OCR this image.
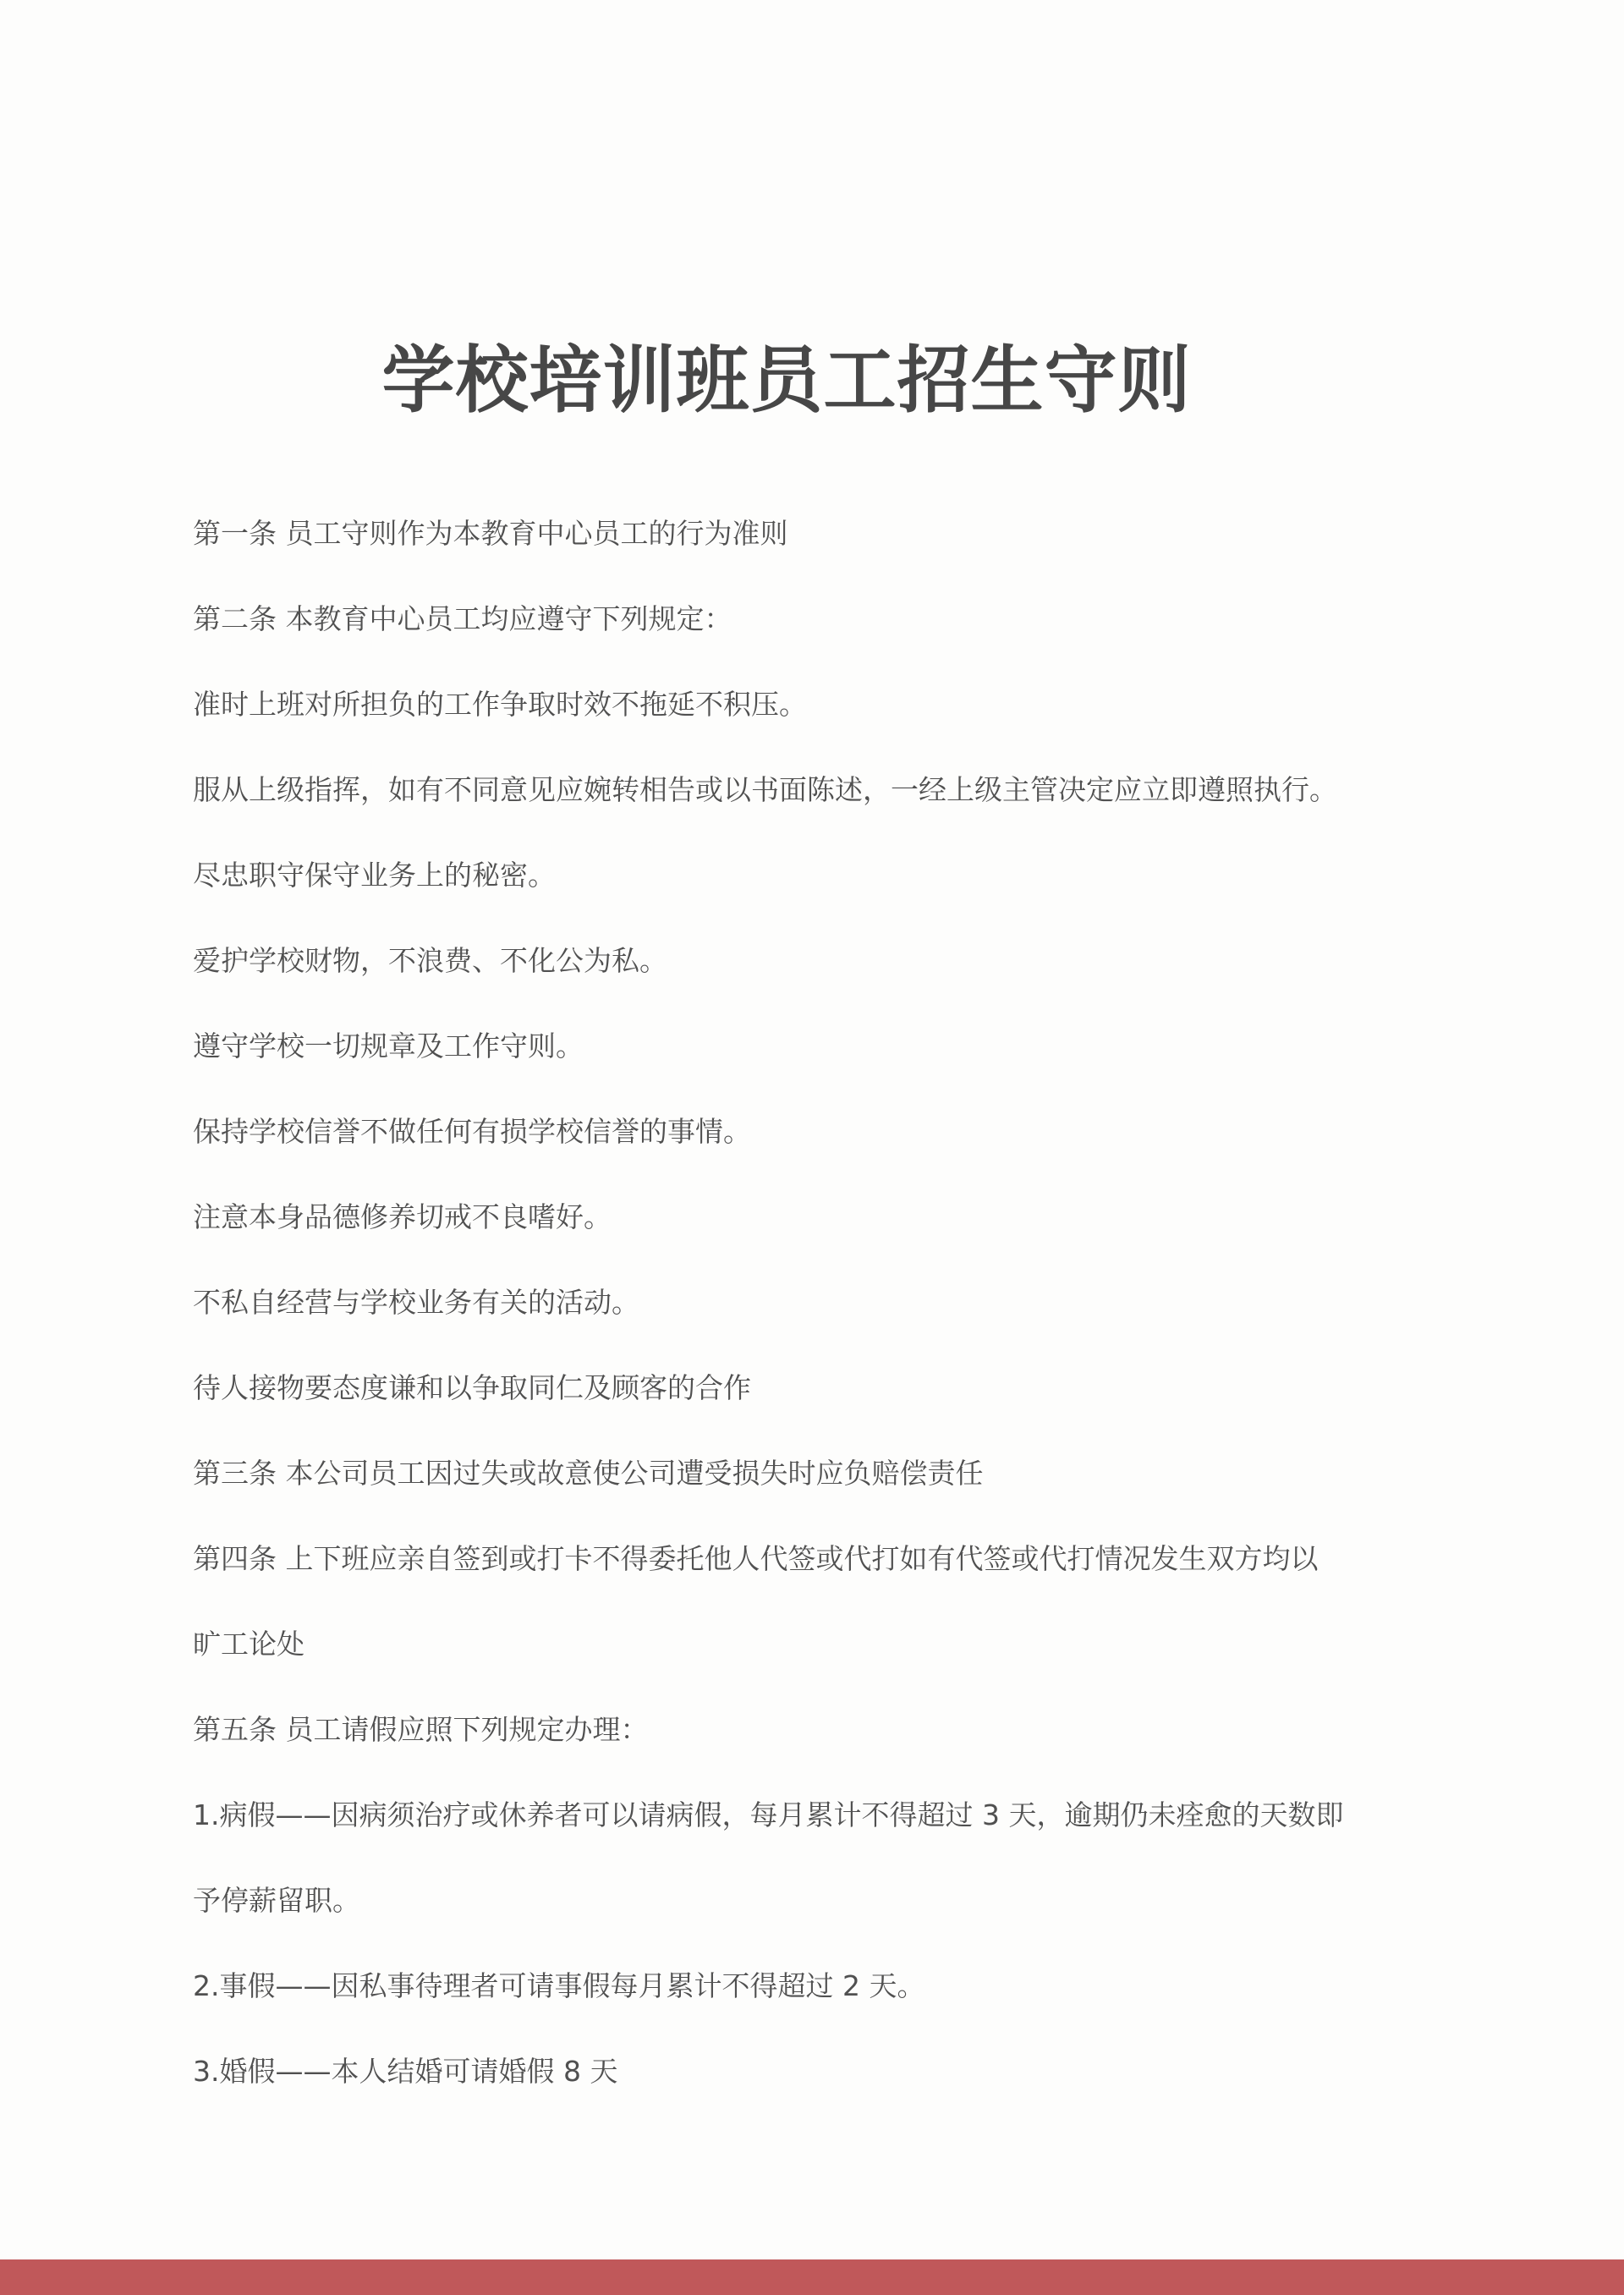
学校培训班员工招生守则

第一条 员工守则作为本教育中心员工的行为准则

第二条 本教育中心员工均应遵守下列规定：

准时上班对所担负的工作争取时效不拖延不积压。

服从上级指挥，如有不同意见应婉转相告或以书面陈述，一经上级主管决定应立即遵照执行。

尽忠职守保守业务上的秘密。

爱护学校财物，不浪费、不化公为私。

遵守学校一切规章及工作守则。

保持学校信誉不做任何有损学校信誉的事情。

注意本身品德修养切戒不良嗜好。

不私自经营与学校业务有关的活动。

待人接物要态度谦和以争取同仁及顾客的合作

第三条 本公司员工因过失或故意使公司遭受损失时应负赔偿责任

第四条 上下班应亲自签到或打卡不得委托他人代签或代打如有代签或代打情况发生双方均以

旷工论处

第五条 员工请假应照下列规定办理：

1.病假——因病须治疗或休养者可以请病假，每月累计不得超过 3 天，逾期仍未痊愈的天数即

予停薪留职。

2.事假——因私事待理者可请事假每月累计不得超过 2 天。

3.婚假——本人结婚可请婚假 8 天
